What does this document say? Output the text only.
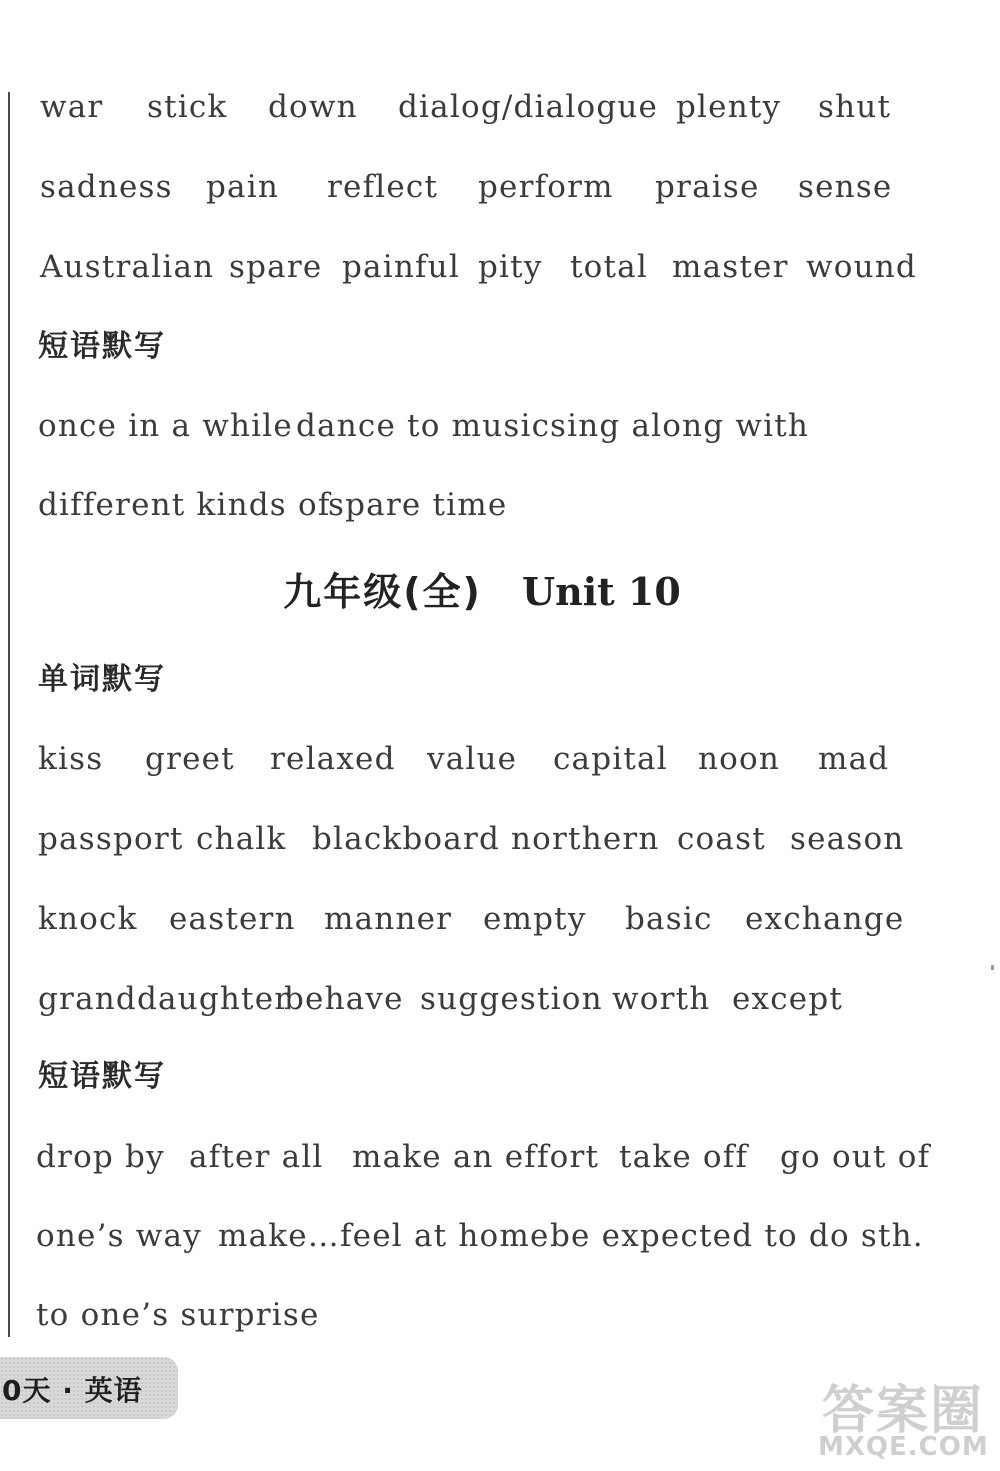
war stick down dialog/dialogue plenty shut
sadness pain reflect perform praise sense
Australian spare painful pity total master wound
短语默写
once in a while dance to music sing along with
different kinds of
spare time
九年级(全) Unit 10
单词默写
kiss greet relaxed value capital noon mad
passport chalk blackboard northern coast season
knock eastern manner empty basic exchange
granddaughter
behave suggestion worth except
短语默写
drop by after all make an effort take off go out of
one’s way make…feel at home be expected to do sth.
to one’s surprise
0天 · 英语	答案圈
MXQE.COM
